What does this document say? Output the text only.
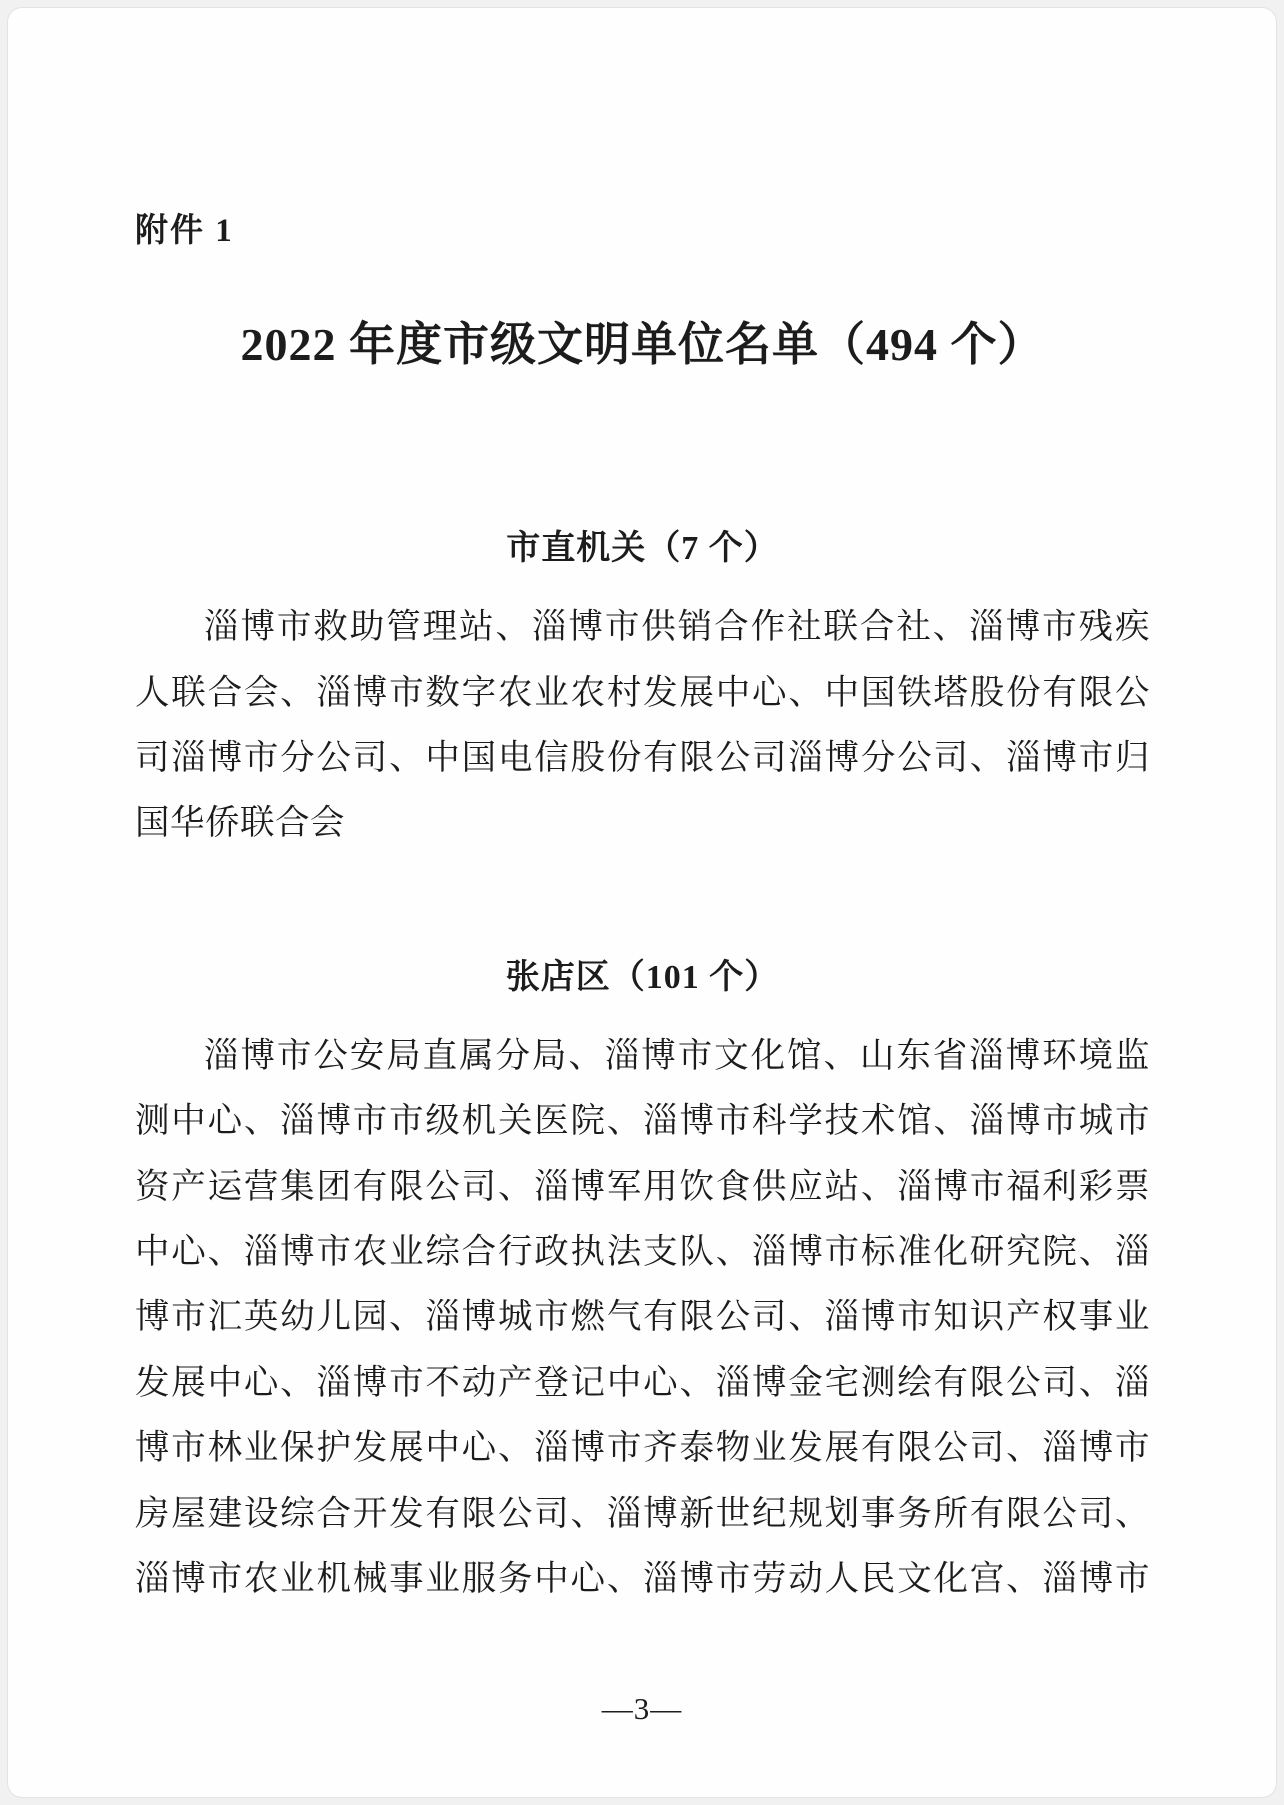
附件 1
2022 年度市级文明单位名单（494 个）
市直机关（7 个）
淄博市救助管理站、淄博市供销合作社联合社、淄博市残疾
人联合会、淄博市数字农业农村发展中心、中国铁塔股份有限公
司淄博市分公司、中国电信股份有限公司淄博分公司、淄博市归
国华侨联合会
张店区（101 个）
淄博市公安局直属分局、淄博市文化馆、山东省淄博环境监
测中心、淄博市市级机关医院、淄博市科学技术馆、淄博市城市
资产运营集团有限公司、淄博军用饮食供应站、淄博市福利彩票
中心、淄博市农业综合行政执法支队、淄博市标准化研究院、淄
博市汇英幼儿园、淄博城市燃气有限公司、淄博市知识产权事业
发展中心、淄博市不动产登记中心、淄博金宅测绘有限公司、淄
博市林业保护发展中心、淄博市齐泰物业发展有限公司、淄博市
房屋建设综合开发有限公司、淄博新世纪规划事务所有限公司、
淄博市农业机械事业服务中心、淄博市劳动人民文化宫、淄博市
—3—
